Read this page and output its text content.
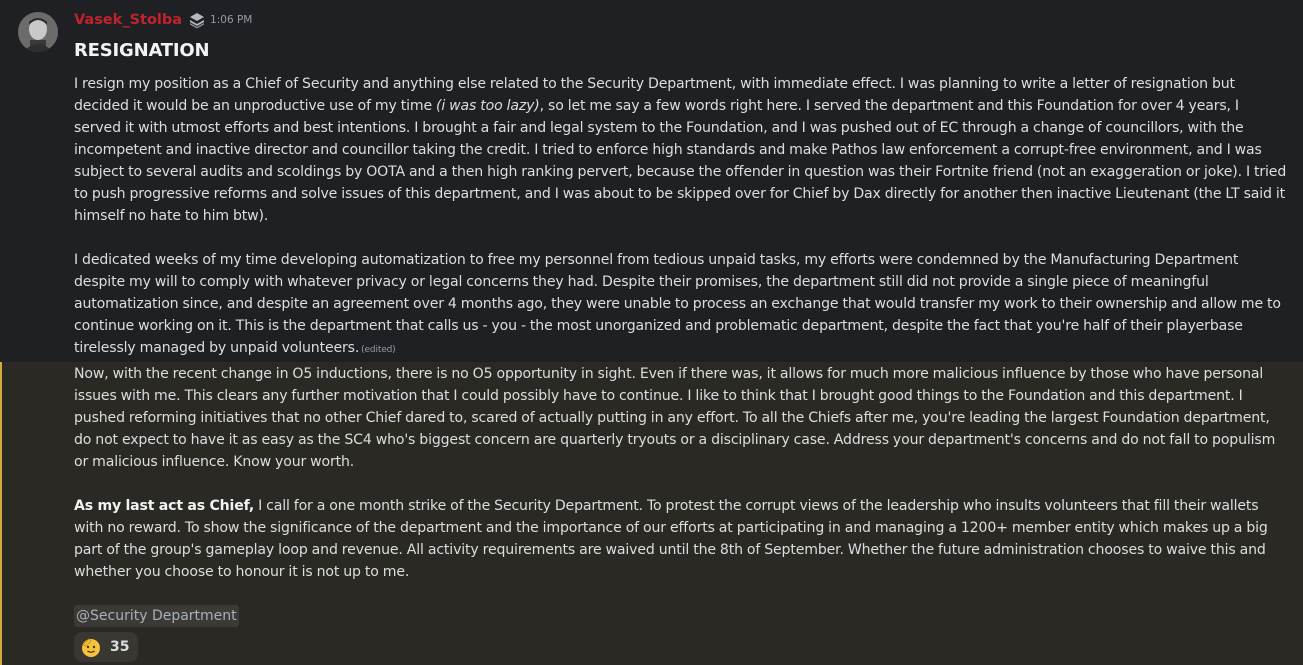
Vasek_Stolba	1:06 PM
RESIGNATION
I resign my position as a Chief of Security and anything else related to the Security Department, with immediate effect. I was planning to write a letter of resignation but decided it would be an unproductive use of my time (i was too lazy), so let me say a few words right here. I served the department and this Foundation for over 4 years, I served it with utmost efforts and best intentions. I brought a fair and legal system to the Foundation, and I was pushed out of EC through a change of councillors, with the incompetent and inactive director and councillor taking the credit. I tried to enforce high standards and make Pathos law enforcement a corrupt-free environment, and I was subject to several audits and scoldings by OOTA and a then high ranking pervert, because the offender in question was their Fortnite friend (not an exaggeration or joke). I tried to push progressive reforms and solve issues of this department, and I was about to be skipped over for Chief by Dax directly for another then inactive Lieutenant (the LT said it himself no hate to him btw).
I dedicated weeks of my time developing automatization to free my personnel from tedious unpaid tasks, my efforts were condemned by the Manufacturing Department despite my will to comply with whatever privacy or legal concerns they had. Despite their promises, the department still did not provide a single piece of meaningful automatization since, and despite an agreement over 4 months ago, they were unable to process an exchange that would transfer my work to their ownership and allow me to continue working on it. This is the department that calls us - you - the most unorganized and problematic department, despite the fact that you're half of their playerbase tirelessly managed by unpaid volunteers. (edited)
Now, with the recent change in O5 inductions, there is no O5 opportunity in sight. Even if there was, it allows for much more malicious influence by those who have personal issues with me. This clears any further motivation that I could possibly have to continue. I like to think that I brought good things to the Foundation and this department. I pushed reforming initiatives that no other Chief dared to, scared of actually putting in any effort. To all the Chiefs after me, you're leading the largest Foundation department, do not expect to have it as easy as the SC4 who's biggest concern are quarterly tryouts or a disciplinary case. Address your department's concerns and do not fall to populism or malicious influence. Know your worth.
As my last act as Chief, I call for a one month strike of the Security Department. To protest the corrupt views of the leadership who insults volunteers that fill their wallets with no reward. To show the significance of the department and the importance of our efforts at participating in and managing a 1200+ member entity which makes up a big part of the group's gameplay loop and revenue. All activity requirements are waived until the 8th of September. Whether the future administration chooses to waive this and whether you choose to honour it is not up to me.
@Security Department
35
